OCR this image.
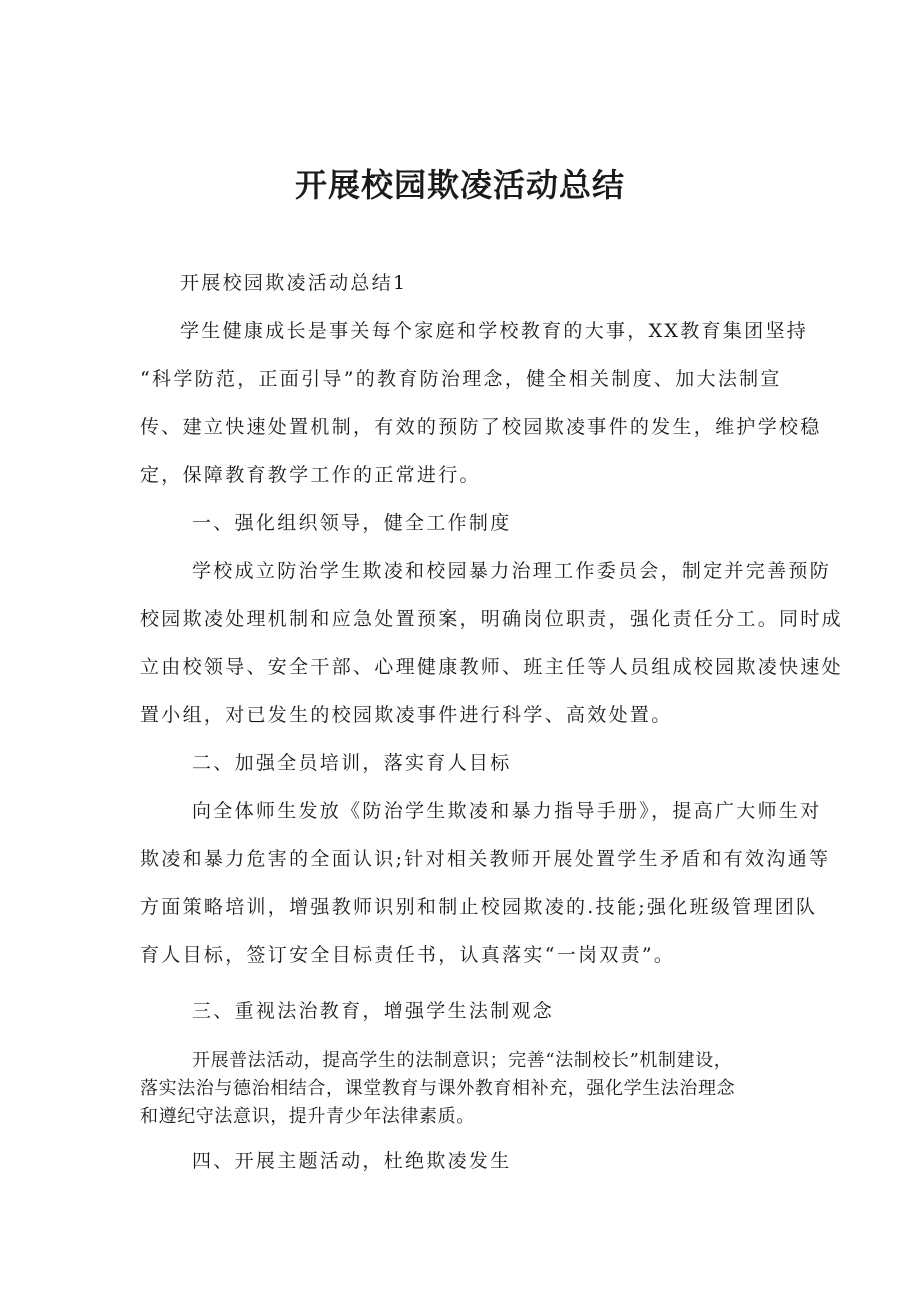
开展校园欺凌活动总结

开展校园欺凌活动总结1

学生健康成长是事关每个家庭和学校教育的大事，XX教育集团坚持

“科学防范，正面引导”的教育防治理念，健全相关制度、加大法制宣

传、建立快速处置机制，有效的预防了校园欺凌事件的发生，维护学校稳

定，保障教育教学工作的正常进行。

一、强化组织领导，健全工作制度

学校成立防治学生欺凌和校园暴力治理工作委员会，制定并完善预防

校园欺凌处理机制和应急处置预案，明确岗位职责，强化责任分工。同时成

立由校领导、安全干部、心理健康教师、班主任等人员组成校园欺凌快速处

置小组，对已发生的校园欺凌事件进行科学、高效处置。

二、加强全员培训，落实育人目标

向全体师生发放《防治学生欺凌和暴力指导手册》，提高广大师生对

欺凌和暴力危害的全面认识;针对相关教师开展处置学生矛盾和有效沟通等

方面策略培训，增强教师识别和制止校园欺凌的.技能;强化班级管理团队

育人目标，签订安全目标责任书，认真落实“一岗双责”。

三、重视法治教育，增强学生法制观念

开展普法活动，提高学生的法制意识；完善“法制校长”机制建设，

落实法治与德治相结合，课堂教育与课外教育相补充，强化学生法治理念

和遵纪守法意识，提升青少年法律素质。

四、开展主题活动，杜绝欺凌发生
